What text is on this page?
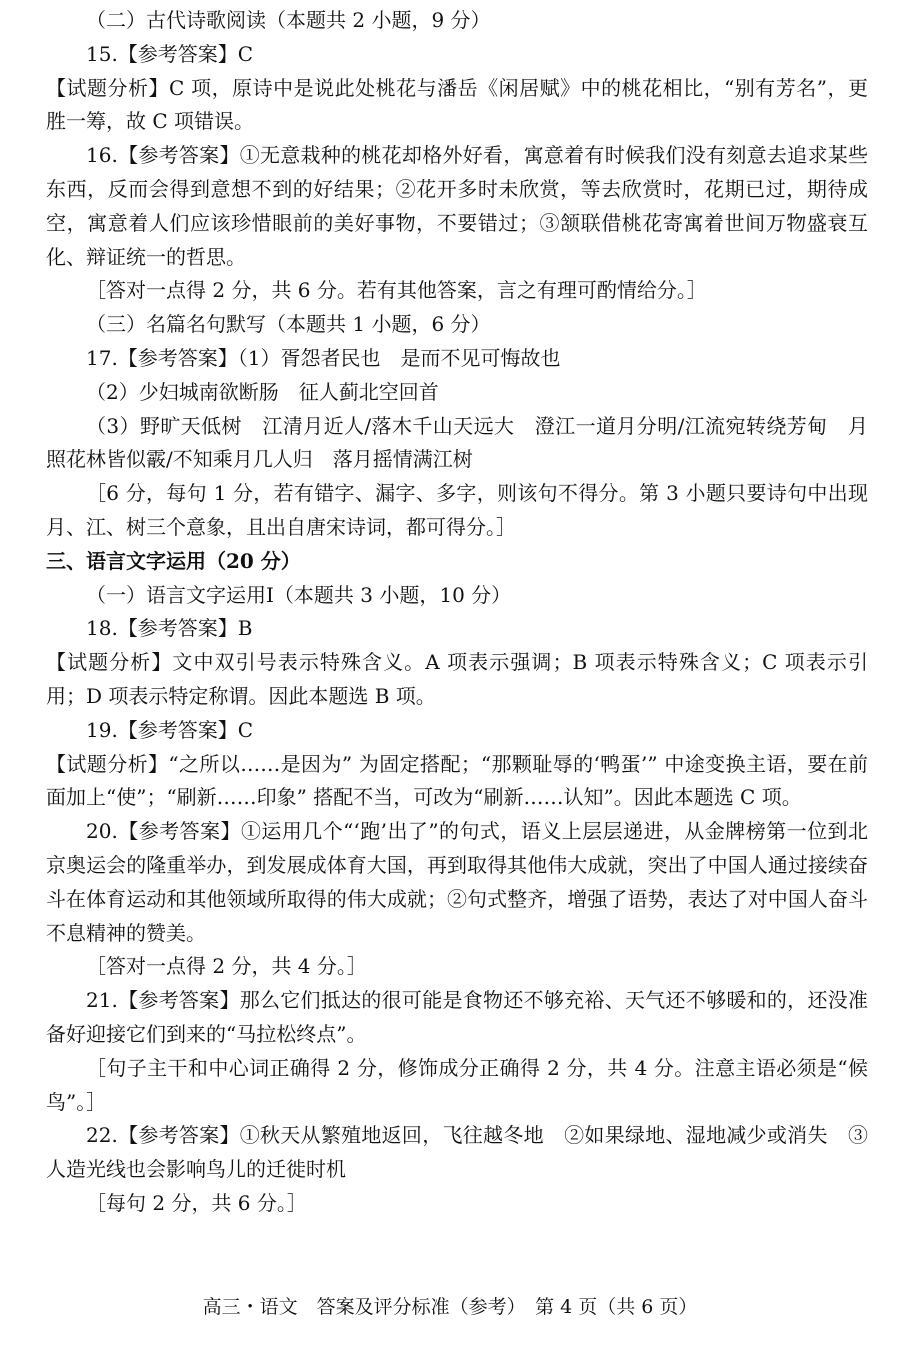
（二）古代诗歌阅读（本题共 2 小题，9 分）

15.【参考答案】C

【试题分析】C 项，原诗中是说此处桃花与潘岳《闲居赋》中的桃花相比，“别有芳名”，更胜一筹，故 C 项错误。

16.【参考答案】①无意栽种的桃花却格外好看，寓意着有时候我们没有刻意去追求某些东西，反而会得到意想不到的好结果；②花开多时未欣赏，等去欣赏时，花期已过，期待成空，寓意着人们应该珍惜眼前的美好事物，不要错过；③颔联借桃花寄寓着世间万物盛衰互化、辩证统一的哲思。

［答对一点得 2 分，共 6 分。若有其他答案，言之有理可酌情给分。］

（三）名篇名句默写（本题共 1 小题，6 分）

17.【参考答案】（1）胥怨者民也　是而不见可悔故也

（2）少妇城南欲断肠　征人蓟北空回首

（3）野旷天低树　江清月近人/落木千山天远大　澄江一道月分明/江流宛转绕芳甸　月照花林皆似霰/不知乘月几人归　落月摇情满江树

［6 分，每句 1 分，若有错字、漏字、多字，则该句不得分。第 3 小题只要诗句中出现月、江、树三个意象，且出自唐宋诗词，都可得分。］

三、语言文字运用（20 分）

（一）语言文字运用Ⅰ（本题共 3 小题，10 分）

18.【参考答案】B

【试题分析】文中双引号表示特殊含义。A 项表示强调；B 项表示特殊含义；C 项表示引用；D 项表示特定称谓。因此本题选 B 项。

19.【参考答案】C

【试题分析】“之所以……是因为” 为固定搭配；“那颗耻辱的‘鸭蛋’” 中途变换主语，要在前面加上“使”；“刷新……印象” 搭配不当，可改为“刷新……认知”。因此本题选 C 项。

20.【参考答案】①运用几个“‘跑’出了”的句式，语义上层层递进，从金牌榜第一位到北京奥运会的隆重举办，到发展成体育大国，再到取得其他伟大成就，突出了中国人通过接续奋斗在体育运动和其他领域所取得的伟大成就；②句式整齐，增强了语势，表达了对中国人奋斗不息精神的赞美。

［答对一点得 2 分，共 4 分。］

21.【参考答案】那么它们抵达的很可能是食物还不够充裕、天气还不够暖和的，还没准备好迎接它们到来的“马拉松终点”。

［句子主干和中心词正确得 2 分，修饰成分正确得 2 分，共 4 分。注意主语必须是“候鸟”。］

22.【参考答案】①秋天从繁殖地返回，飞往越冬地　②如果绿地、湿地减少或消失　③人造光线也会影响鸟儿的迁徙时机

［每句 2 分，共 6 分。］

高三・语文　答案及评分标准（参考）　第 4 页（共 6 页）
